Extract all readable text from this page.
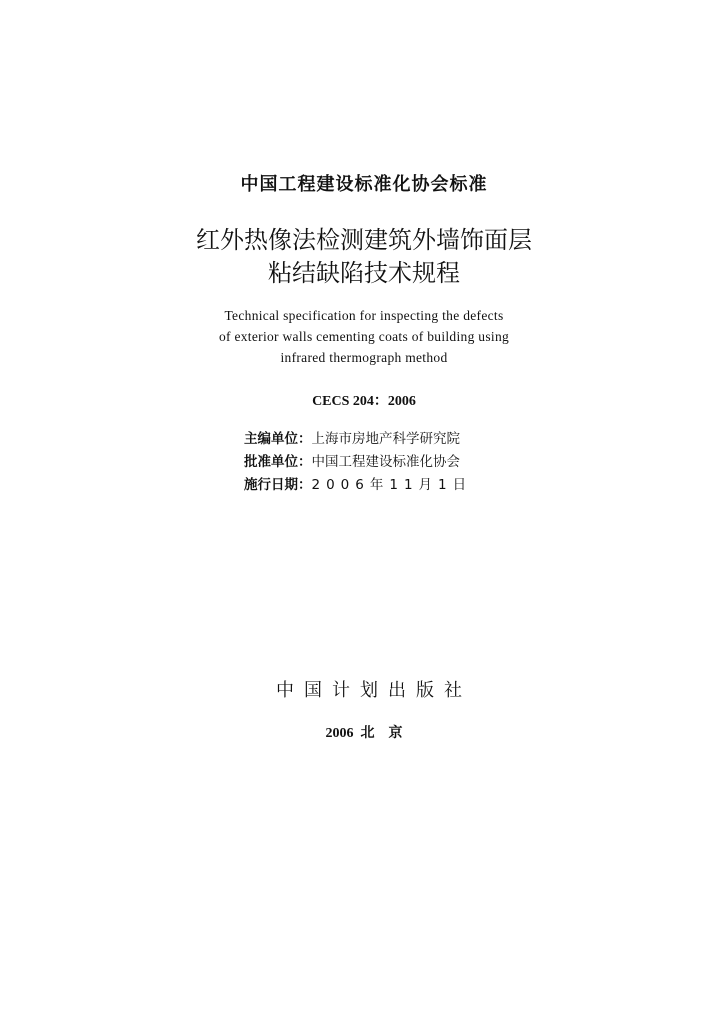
中国工程建设标准化协会标准
红外热像法检测建筑外墙饰面层
粘结缺陷技术规程
Technical specification for inspecting the defects
of exterior walls cementing coats of building using
infrared thermograph method
CECS 204：2006
主编单位：上海市房地产科学研究院
批准单位：中国工程建设标准化协会
施行日期：2006年11月1日
中国计划出版社
2006  北    京
